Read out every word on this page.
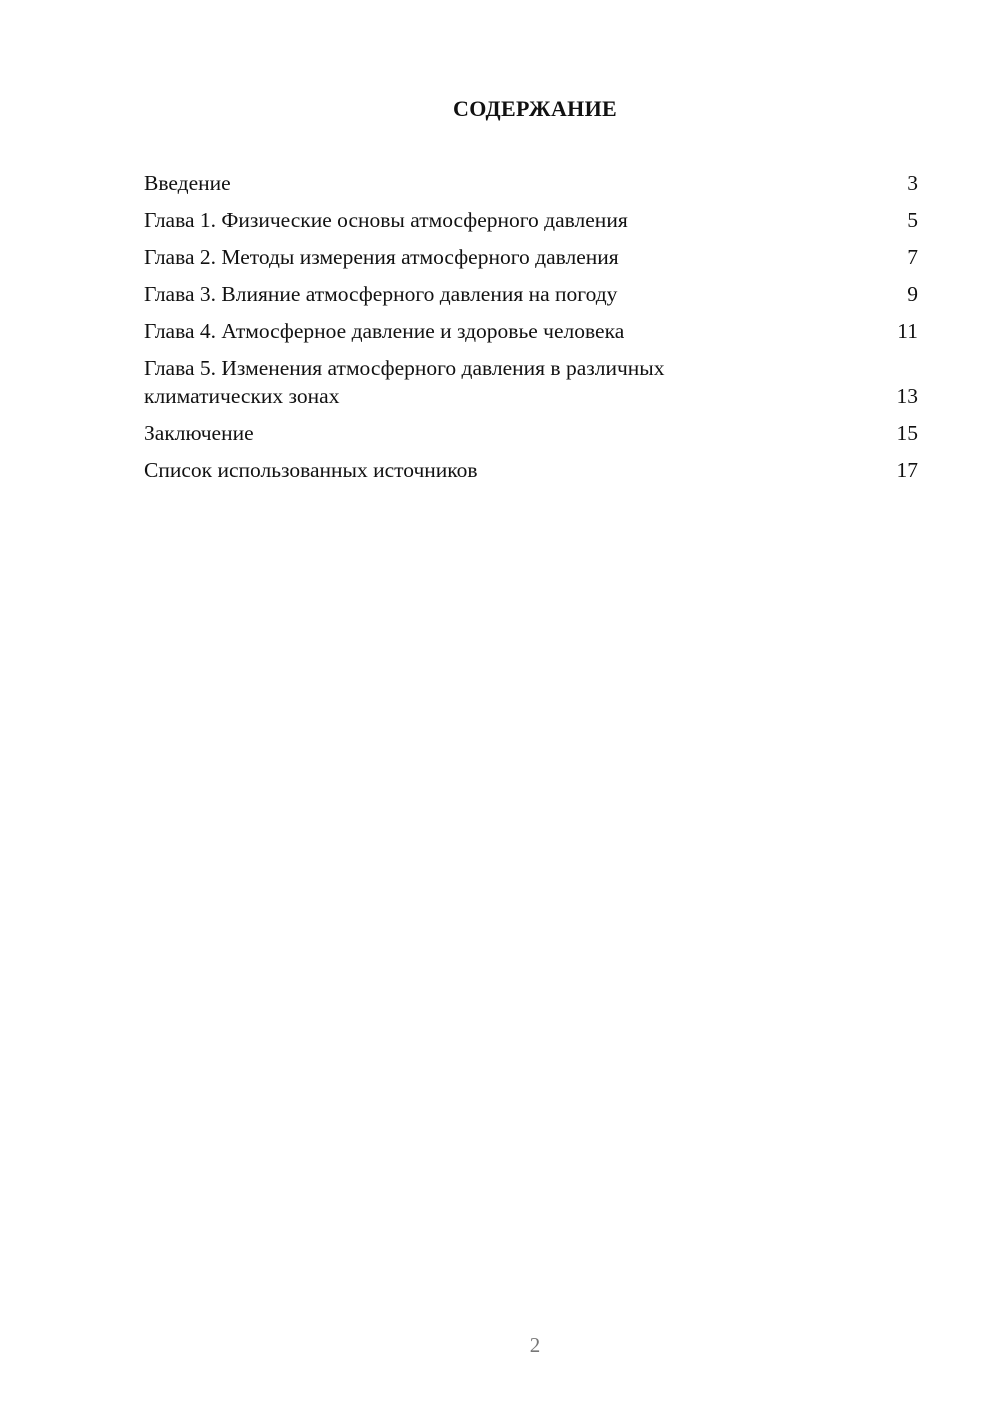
СОДЕРЖАНИЕ
Введение	3
Глава 1. Физические основы атмосферного давления	5
Глава 2. Методы измерения атмосферного давления	7
Глава 3. Влияние атмосферного давления на погоду	9
Глава 4. Атмосферное давление и здоровье человека	11
Глава 5. Изменения атмосферного давления в различных климатических зонах	13
Заключение	15
Список использованных источников	17
2
